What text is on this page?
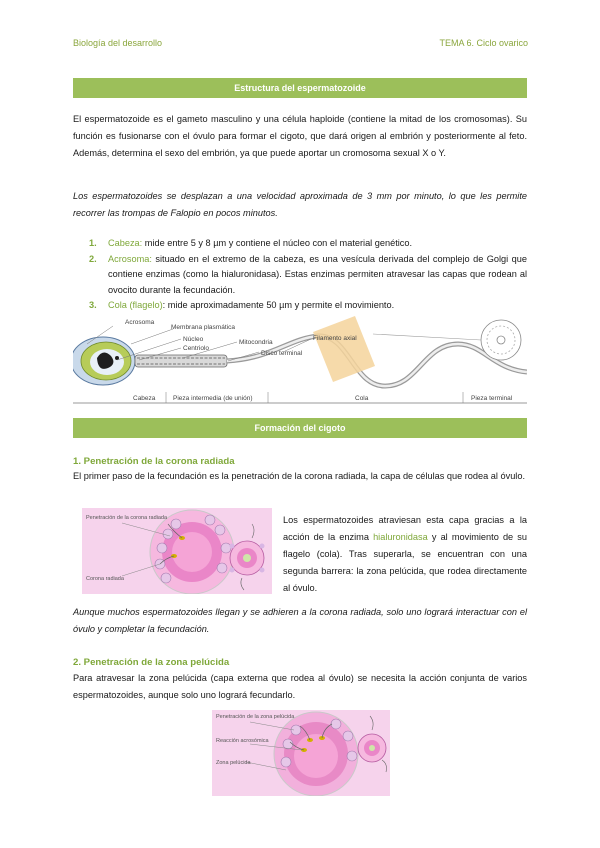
Biología del desarrollo	TEMA 6. Ciclo ovarico
Estructura del espermatozoide

El espermatozoide es el gameto masculino y una célula haploide (contiene la mitad de los cromosomas). Su función es fusionarse con el óvulo para formar el cigoto, que dará origen al embrión y posteriormente al feto. Además, determina el sexo del embrión, ya que puede aportar un cromosoma sexual X o Y.

Los espermatozoides se desplazan a una velocidad aproximada de 3 mm por minuto, lo que les permite recorrer las trompas de Falopio en pocos minutos.

1. Cabeza: mide entre 5 y 8 µm y contiene el núcleo con el material genético.
2. Acrosoma: situado en el extremo de la cabeza, es una vesícula derivada del complejo de Golgi que contiene enzimas (como la hialuronidasa). Estas enzimas permiten atravesar las capas que rodean al ovocito durante la fecundación.
3. Cola (flagelo): mide aproximadamente 50 µm y permite el movimiento.
Acrosoma
Membrana plasmática
Núcleo
Centriolo
Mitocondria
Disco terminal
Filamento axial
Cabeza	Pieza intermedia (de unión)	Cola	Pieza terminal
Formación del cigoto
1. Penetración de la corona radiada

El primer paso de la fecundación es la penetración de la corona radiada, la capa de células que rodea al óvulo.

Penetración de la corona radiada
Corona radiada

Los espermatozoides atraviesan esta capa gracias a la acción de la enzima hialuronidasa y al movimiento de su flagelo (cola). Tras superarla, se encuentran con una segunda barrera: la zona pelúcida, que rodea directamente al óvulo.

Aunque muchos espermatozoides llegan y se adhieren a la corona radiada, solo uno logrará interactuar con el óvulo y completar la fecundación.

2. Penetración de la zona pelúcida

Para atravesar la zona pelúcida (capa externa que rodea al óvulo) se necesita la acción conjunta de varios espermatozoides, aunque solo uno logrará fecundarlo.

Penetración de la zona pelúcida
Reacción acrosómica
Zona pelúcida
